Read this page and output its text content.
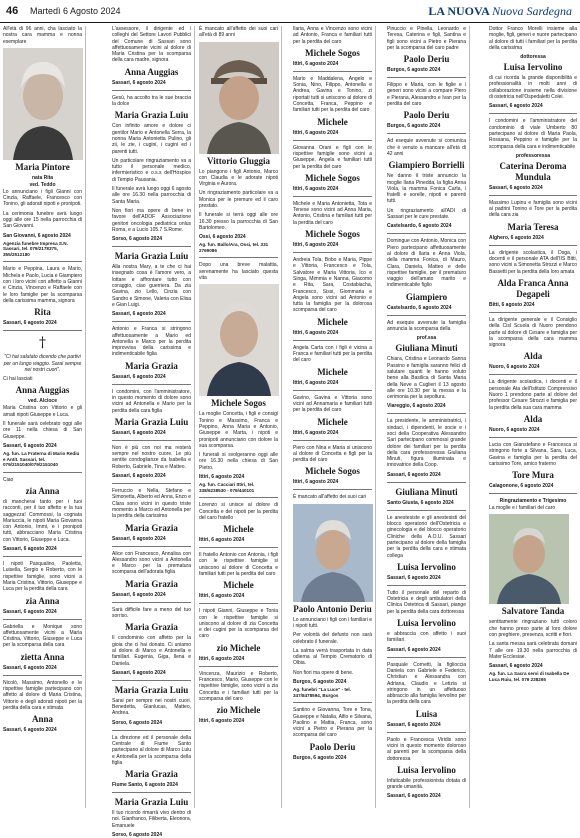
46 Martedì 6 Agosto 2024	LA NUOVA Nuova Sardegna

All'età di 96 anni, cha lasciato la nostra cara mamma e nonna esemplare

Maria Pintore
nata Rita
ved. Teddo

Lo annunciano i figli Gianni con Cinzia, Raffaele, Francesco con Tonino, gli adorati nipoti e pronipoti.

La cerimonia funebre avrà luogo oggi alle ore 15 nella parrocchia di San Giovanni.

San Giovanni, 6 agosto 2024
Agenzia funebre Impresa S.N. Sassari, tel. 079/2178375, 355/2512180

Mario e Peppina, Laura e Mario, Michela e Paolo, Lucia e Giampiero con i loro vicini con affetto a Gianni e Cinzia, Vincenzo e Raffaele con le loro famiglie per la scomparsa della carissima mamma, signora

Rita
Sassari, 6 agosto 2024
†

"Ci hai salutato dicendo che partivi per un lungo viaggio. Sarai sempre nei nostri cuori".

Ci hai lasciati

Anna Auggias
ved. Alcioce

Maria Cristina con Vittorio e gli amati nipoti Giuseppe e Luca.

Il funerale sarà celebrato oggi alle ore 11 nella chiesa di San Giuseppe.

Sassari, 6 agosto 2024
Ag. fun. La Fraterna di Mario Rediu e Antit. Sassari, tel. 079/2151040/079/2151040

Ciao

zia Anna

di mancherai tanto per i tuoi racconti, per il tuo affetto e la tua saggezza! Commossi, la cognata Mariuccia, le nipoti Maria Giovanna con Antonio, Immi, e i pronipoti tutti, abbracciano Maria Cristina con Vittorio, Giuseppe e Luca.

Sassari, 6 agosto 2024

I nipoti Pasqualino, Paoletta, Luisella, Sergio e Roberto, con le rispettive famiglie, sono vicini a Maria Cristina, Vittorio, Giuseppe e Luca per la perdita della cara

zia Anna
Sassari, 6 agosto 2024

Gabriella e Monique sono affettuosamente vicini a Maria Cristina, Vittorio, Giuseppe e Luca per la scomparsa della cara

zietta Anna
Sassari, 6 agosto 2024

Nicolò, Massimo, Antonello e le rispettive famiglie partecipano con affetto al dolore di Maria Cristina, Vittorio e degli adorati nipoti per la perdita della cara e stimata

Anna
Sassari, 6 agosto 2024

L'assessore, il dirigente ed i colleghi del Settore Lavori Pubblici del Comune di Sassari sono affettuosamente vicini al dolore di Maria Cristina per la scomparsa della cara madre, signora

Anna Auggias
Sassari, 6 agosto 2024

Gesù, ha accolto tra le sue braccia la dolce

Maria Grazia Luiu

Con infinito amore e dolore ci gentilor Mario e Antonella Serra, la nonna Maria Antonietta Pulino, gli zii, le zie, i cugini, i cugini ed i parenti tutti.

Un particolare ringraziamento va a tutto il personale medico, infermieristico e o.s.s dell'Hospice di Tempio Pausania.

Il funerale avrà luogo oggi 6 agosto alle ore 16.30 nella parrocchia di Santa Maria.

Non fiori ma opere di bene in favore dell'ADOF Associazione genitori oncologia pediatrica onlus Roma, e a Lucio 105.7 S.Rome.

Sorso, 6 agosto 2024
Maria Grazia Luiu

Alla nostra Mary, a te che ci hai insegnato cosa è l'amore vero, a lottare e affrontare tutto con coraggio, ciao guerriera. Da zia Gavina, zio Lello, Cinzia con Sandro e Simone, Valeria con Elisa e Gian Luigi.

Sassari, 6 agosto 2024

Antonio e Franca si stringono affettuosamente a Mario ed Antonella e Marco per la perdita improvvisa della carissima e indimenticabile figlia

Maria Grazia
Sassari, 6 agosto 2024

I condomini, con l'amministratore, in questo momento di dolore sono vicini ad Antonella e Mario per la perdita della cara figlia

Maria Grazia Luiu
Sassari, 6 agosto 2024

Non è più con noi ma resterà sempre nel nostro cuore. Le più sentite condoglianze da Isabella e Roberto, Gabriele, Tina e Matteo.

Sassari, 6 agosto 2024

Ferruccio e Nella, Stefano e Simonetta, Alberto ed Anna, Enzo e Clara sono vicini in questo triste momento a Marco ed Antonella per la perdita della carissima

Maria Grazia
Sassari, 6 agosto 2024

Alice con Francesco, Annalisa con Alessandro sono vicini a Antonella e Marco per la prematura scomparsa dell'adorata figlia

Maria Grazia
Sassari, 6 agosto 2024

Sarà difficile fare a meno del tuo sorriso.

Maria Grazia

Il condominio con affetto per la gioia che ci hai donato. Ci uniamo al dolore di Marco e Antonella e familiari. Eugenia, Giga, Ilena e Daniela.

Sassari, 6 agosto 2024
Maria Grazia Luiu

Sarai per sempre nei nostri cuori. Benedetta, Gianlucas, Matteo, Andrea.

Sorso, 6 agosto 2024

La direzione ed il personale della Centrale di Fiume Santo partecipano al dolore di Marco Luiu e Antonella per la scomparsa della figlia

Maria Grazia
Fiume Santo, 6 agosto 2024
Maria Grazia Luiu

Il tuo ricordo rimarrà vivo dentro di noi. Gianfranco, Filiberta, Eleonora, Emanuele

Sorso, 6 agosto 2024

È mancato all'affetto dei suoi cari all'età di 89 anni

Vittorio Gluggia

Lo piangono i figli Antonio, Marco con Claudia e le adorate nipoti Virginia e Aurora.

Un ringraziamento particolare va a Monica per le premure ed il caro prestato.

Il funerale si terrà oggi alle ore 16.30 presso la parrocchia di San Bartolomeo.

Ossi, 6 agosto 2024
Ag. fun. Ballo/Ara, Ossi, tel. 331 2769086

Dopo una breve malattia, serenamente ha lasciato questa vita

Michele Sogos

La moglie Concetta, i figli e consigi Tonino e Massimo, Franca e Peppino, Anna Maria e Antonio, Giuseppe e Marta, i nipoti e pronipoti annunciano con dolore la sua scomparsa.

I funerali si svolgeranno oggi alle ore 16.30 nella chiesa di San Pietro.

Ittiri, 6 agosto 2024
Ag. fun. Cacciari Ittiri, tel. 338/6238530 - 079/440101

Lorenzo si unisce al dolore di Concetta e dei nipoti per la perdita del caro fratello

Michele
Ittiri, 6 agosto 2024

Il fratello Antonio con Antonia, i figli con le rispettive famiglie si uniscono al dolore di Concetta e familiari tutti per la perdita del caro

Michele
Ittiri, 6 agosto 2024

I nipoti Gianni, Giuseppe e Tonia con le rispettive famiglie si uniscono al dolore di zia Concetta e dei cugini per la scomparsa del caro

zio Michele
Ittiri, 6 agosto 2024

Vincenza, Maurizio e Roberto, Francesco, Mario, Giuseppe con le rispettive famiglie, sono vicini a zia Concetta e i familiari tutti per la scomparsa del caro

zio Michele
Ittiri, 6 agosto 2024

Ilaria, Anna e Vincenzo sono vicini ad Antonio, Franca e familiari tutti per la perdita del caro

Michele Sogos
Ittiri, 6 agosto 2024

Mario e Maddalena, Angelo e Sonia, Nino, Filippo, Antonella e Andrea, Gavina e Tonino, zi riportati tutti si uniscono al dolore di Concetta, Franca, Peppino e familiari tutti per la perdita del caro

Michele
Ittiri, 6 agosto 2024

Giovanna Orani e figli con le rispettive famiglie sono vicini a Giuseppe, Angela e familiari tutti per la perdita del caro

Michele Sogos
Ittiri, 6 agosto 2024

Michele e Maria Antonietta, Tota e Tenese sono vicini ad Anna Maria, Antonio, Cristina e familiari tutti per la perdita del caro

Michele Sogos
Ittiri, 6 agosto 2024

Andreia Tola, Bobo e Maria, Pippe e Vittoria, Francesco e Tola, Salvatore e Maria Vittoria, Ico e Singa, Mimmia e Nanna, Giacomo e Rita, Sara, Costabiacha, Francesco, Sissi, Giommaria e Angela sono vicini ad Antonio e tutta la famiglia per la dolorosa scomparsa del caro

Michele
Ittiri, 6 agosto 2024

Angela Carta con i figli è vicina a Franca e familiari tutti per la perdita del caro

Michele
Ittiri, 6 agosto 2024

Gavino, Gavina e Vittoria sono vicini ad Annamaria e familiari tutti per la perdita del caro

Michele
Ittiri, 6 agosto 2024

Piero con Nina e Maria si uniscono al dolore di Concetta e figli per la perdita del caro

Michele Sogos
Ittiri, 6 agosto 2024

È mancato all'affetto dei suoi cari

Paolo Antonio Deriu

Lo annunciano i figli con i familiari e i nipoti tutti.

Per volontà del defunto non sarà celebrato il funerale.

La salma verrà trasportata in data odierna al Tempio Crematorio di Olbia.

Non fiori ma opere di bene.

Burgos, 6 agosto 2024
Ag. funebri "La Luce" - tel. 347/8478594, Burgos

Santino e Giovanna, Tore e Tona, Giuseppe e Natalia, Alfio e Silvana, Paolino e Mattia, Franca, sono vicini a Pietro e Pierana per la scomparsa del caro

Paolo Deriu
Burgos, 6 agosto 2024

Pinuccio e Pinella, Leonardo e Teresa, Caterina e figli, Santina e figli sono vicini a Pietro e Pierana per la scomparsa del caro padre

Paolo Deriu
Burgos, 6 agosto 2024

Filippo e Maria, con le figlie e i generi sono vicini a compare Piero e Pierana, Alessandro e Ivan per la perdita del caro

Paolo Deriu
Burgos, 6 agosto 2024

Ad esequie avvenute si comunica che è venuto a mancare all'età di 42 anni

Giampiero Borrielli

Ne danno il triste annuncio la moglie Ilaria Pinedda, la figlia Anna Viola, la mamma Fonica Carta, i fratelli e sorelle, nipoti e parenti tutti.

Un ringraziamento all'ADI di Sassari per le cure prestate.

Castelsardo, 6 agosto 2024

Domingue con Antonio, Monica con Piero partecipano affettuosamente al dolore di Ilaria e Anna Viola, della mamma Fonica, di Mauro, Clara, Daniela, Matteo e delle rispettive famiglie, per il prematuro viaggio dell'amato marito e indimenticabile figlio

Giampiero
Castelsardo, 6 agosto 2024

Ad esequie avvenute la famiglia annuncia la scomparsa della

prof.ssa
Giuliana Minuti

Chiara, Cristina e Leonardo Sanna Passino e famiglia saranno felici di salutare quanti le hanno voluto bene alla Basilica di Santa Maria della Neve a Cuglieri il 13 agosto alle ore 10.30 per la messa e la cerimonia per la sepoltura.

Viareggio, 6 agosto 2024

La presidente, le amministratrici, i sindaci, i dipendenti, le socie e i soci della Cooperativa Alessandro Sari partecipano commossi grande dolore dei familiari per la perdita della cara professoressa Giuliana Minuti, figura illuminata e innovatrice della Coop.

Sassari, 6 agosto 2024
Giuliana Minuti
Santo Giusta, 6 agosto 2024

Le anestesiste e gli anestesisti del blocco operatorio dell'Ostetricia e ginecologia e del blocco operatorio Cliniche della A.O.U. Sassari partecipano al dolore della famiglia per la perdita della cara e stimata collega

Luisa Iervolino
Sassari, 6 agosto 2024

Tutto il personale del reparto di Ostetricia e degli ambulatori della Clinica Ostetrica di Sassari, piange per la perdita della cara dottoressa

Luisa Iervolino

e abbraccia con affetto i suoi familiari.

Sassari, 6 agosto 2024

Pasquale Cornetti, la figlioccia Daniela con Gabriele e Federico, Christian e Alessandra con Adriana, Claudio e Letizia si stringono in un affettuoso abbraccio alla famiglia Iervolino per la perdita della cara

Luisa
Sassari, 6 agosto 2024

Paolo e Francesca Viridis sono vicini in questo momento doloroso ai parenti per la scomparsa della dottoressa

Luisa Iervolino

Infaticabile professionista dotata di grande umanità.

Sassari, 6 agosto 2024

Dottor Franco Morelli insieme alla moglie, figli, generi e nuore partecipano al dolore di tutti i familiari per la perdita della carissima

dottoressa
Luisa Iervolino

di cui ricorda la grande disponibilità e professionalità in molti anni di collaborazione insieme nella divisione di ostetricia nell'Ospedaletti Colei.

Sassari, 6 agosto 2024

I condomini e l'amministratore del condominio di viale Umberto 80 partecipano al dolore di Maria Paola, Rossana, Peppino e famiglie per la scomparsa della cara e indimenticabile

professoressa
Caterina Deroma Mundula
Sassari, 6 agosto 2024

Massimo Lupinu e famiglia sono vicini ai padrini Tonino e Tore per la perdita della cara zia

Maria Teresa
Alghero, 6 agosto 2024

La dirigente scolastica, il Dsga, i docenti e il personale ATA dell'IIS Bitti, sono vicini a Simonetta Strozzi e Marco Bassetti per la perdita della loro amata

Alda Franca Anna Degapeli
Bitti, 6 agosto 2024

La dirigente generale e il Consiglio della Cisl Scuola di Nuoro prendono parte al dolore di Cesare e famiglia per la scomparsa della cara mamma signora

Alda
Nuoro, 6 agosto 2024

La dirigente scolastica, i docenti e il personale Ata dell'Istituto Comprensivo Nuoro 1 prendono parte al dolore del professor Cesare Strozzi e famiglia per la perdita della sua cara mamma

Alda
Nuoro, 6 agosto 2024

Lucia con Gianstefano e Francesca si stringono forte a Silvana, Sara, Luca, Gavina e famiglia per la perdita del carissimo Tore, amico fraterno

Tore Mura
Calagonone, 6 agosto 2024
Ringraziamento e Trigesimo

La moglie e i familiari del caro

Salvatore Tanda

sentitamente ringraziano tutti coloro che hanno preso parte al loro dolore con preghiere, presenza, scritti e fiori.

La santa messa sarà celebrata domani 7 alle ore 19.30 nella parrocchia di Mater Ecclesiae.

Sassari, 6 agosto 2024
Ag. fun. La Sacra servi di Isabella De Luca Ruiu, tel. 079 238265
